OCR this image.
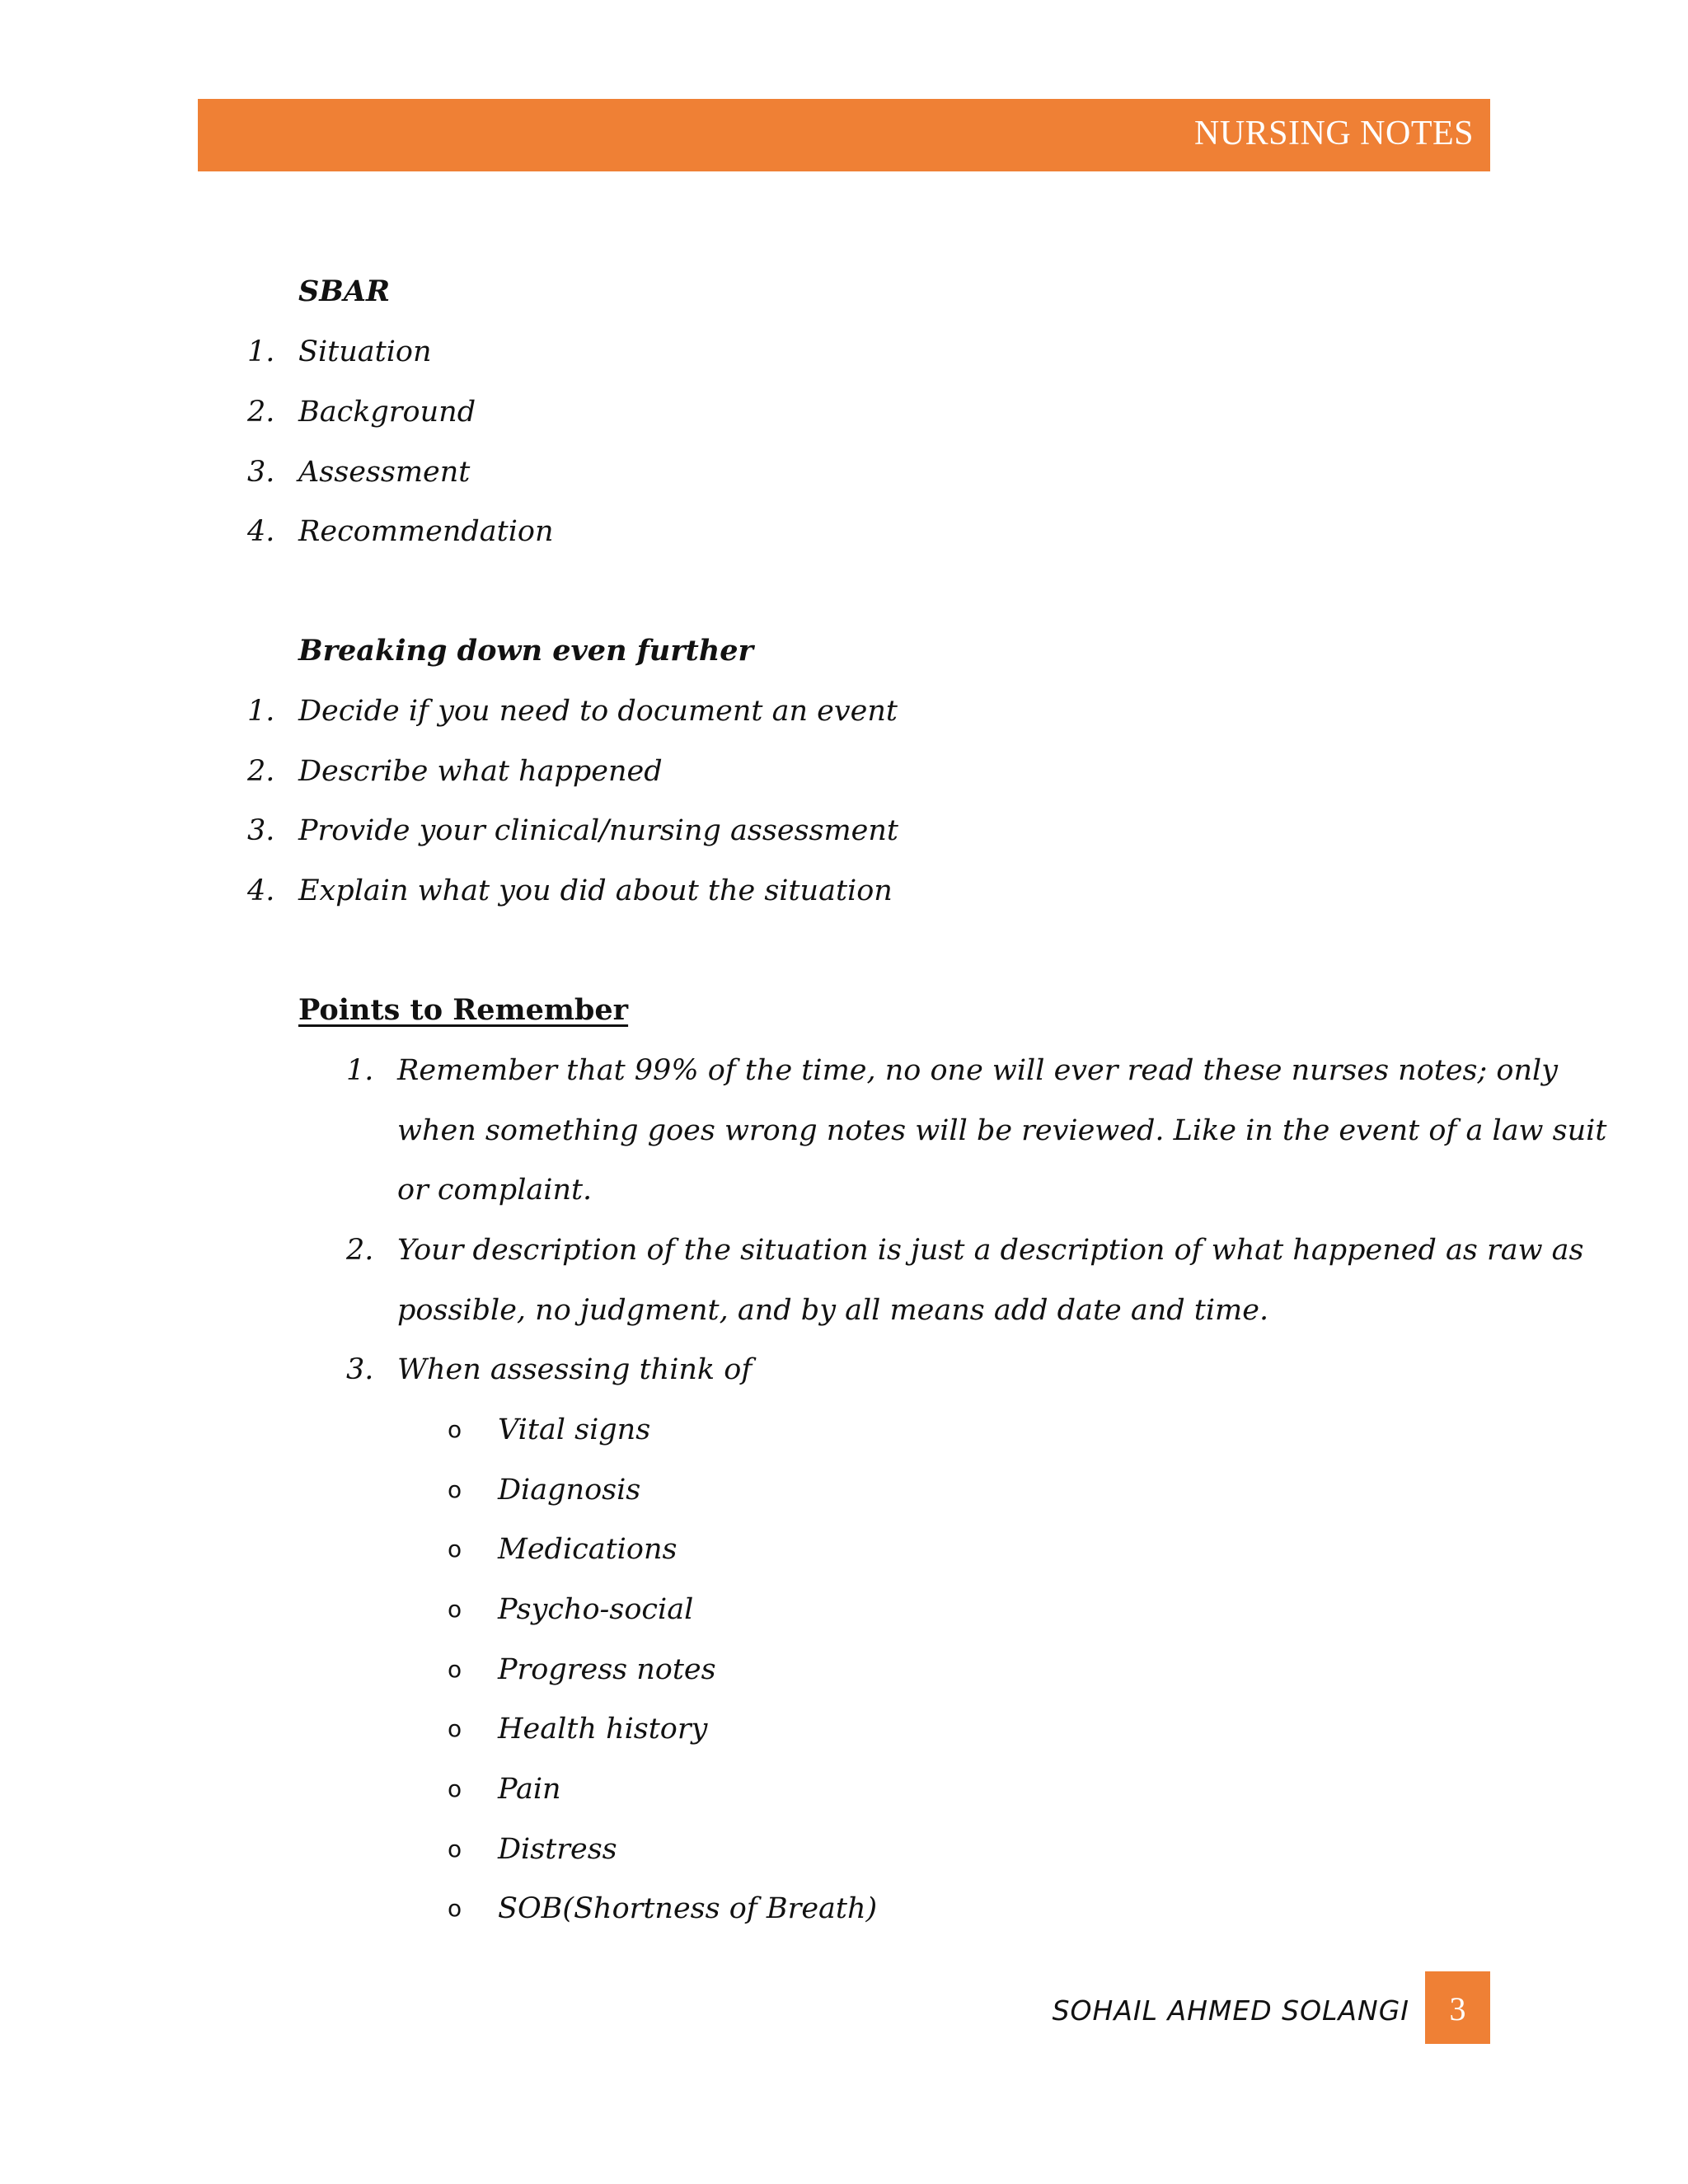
NURSING NOTES
SBAR
1. Situation
2. Background
3. Assessment
4. Recommendation
Breaking down even further
1. Decide if you need to document an event
2. Describe what happened
3. Provide your clinical/nursing assessment
4. Explain what you did about the situation
Points to Remember
1. Remember that 99% of the time, no one will ever read these nurses notes; only
when something goes wrong notes will be reviewed. Like in the event of a law suit
or complaint.
2. Your description of the situation is just a description of what happened as raw as
possible, no judgment, and by all means add date and time.
3. When assessing think of
o Vital signs
o Diagnosis
o Medications
o Psycho-social
o Progress notes
o Health history
o Pain
o Distress
o SOB(Shortness of Breath)
SOHAIL AHMED SOLANGI	3
